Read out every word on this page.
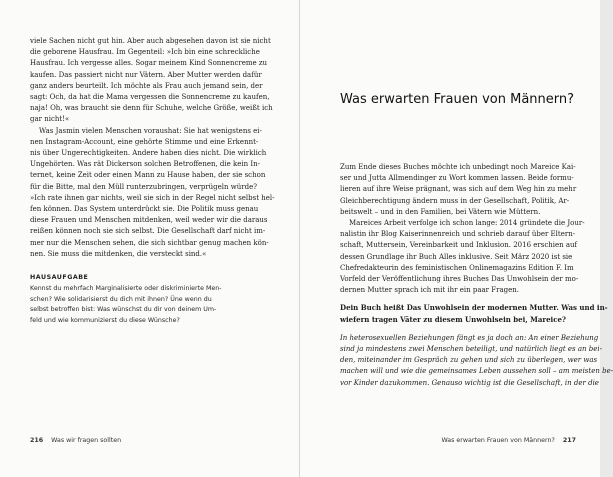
viele Sachen nicht gut hin. Aber auch abgesehen davon ist sie nicht
die geborene Hausfrau. Im Gegenteil: »Ich bin eine schreckliche
Hausfrau. Ich vergesse alles. Sogar meinem Kind Sonnencreme zu
kaufen. Das passiert nicht nur Vätern. Aber Mutter werden dafür
ganz anders beurteilt. Ich möchte als Frau auch jemand sein, der
sagt: Och, da hat die Mama vergessen die Sonnencreme zu kaufen,
naja! Oh, was braucht sie denn für Schuhe, welche Größe, weißt ich
gar nicht!«

Was Jasmin vielen Menschen voraushat: Sie hat wenigstens ei-
nen Instagram-Account, eine gehörte Stimme und eine Erkennt-
nis über Ungerechtigkeiten. Andere haben dies nicht. Die wirklich
Ungehörten. Was rät Dickerson solchen Betroffenen, die kein In-
ternet, keine Zeit oder einen Mann zu Hause haben, der sie schon
für die Bitte, mal den Müll runterzubringen, verprügeln würde?
»Ich rate ihnen gar nichts, weil sie sich in der Regel nicht selbst hel-
fen können. Das System unterdrückt sie. Die Politik muss genau
diese Frauen und Menschen mitdenken, weil weder wir die daraus
reißen können noch sie sich selbst. Die Gesellschaft darf nicht im-
mer nur die Menschen sehen, die sich sichtbar genug machen kön-
nen. Sie muss die mitdenken, die versteckt sind.«

HAUSAUFGABE
Kennst du mehrfach Marginalisierte oder diskriminierte Men-
schen? Wie solidarisierst du dich mit ihnen? Üne wenn du
selbst betroffen bist: Was wünschst du dir von deinem Um-
feld und wie kommunizierst du diese Wünsche?
216 Was wir fragen sollten
Was erwarten Frauen von Männern?

Zum Ende dieses Buches möchte ich unbedingt noch Mareice Kai-
ser und Jutta Allmendinger zu Wort kommen lassen. Beide formu-
lieren auf ihre Weise prägnant, was sich auf dem Weg hin zu mehr
Gleichberechtigung ändern muss in der Gesellschaft, Politik, Ar-
beitswelt – und in den Familien, bei Vätern wie Müttern.

Mareices Arbeit verfolge ich schon lange: 2014 gründete die Jour-
nalistin ihr Blog Kaiserinnenreich und schrieb darauf über Eltern-
schaft, Muttersein, Vereinbarkeit und Inklusion. 2016 erschien auf
dessen Grundlage ihr Buch Alles inklusive. Seit März 2020 ist sie
Chefredakteurin des feministischen Onlinemagazins Edition F. Im
Vorfeld der Veröffentlichung ihres Buches Das Unwohlsein der mo-
dernen Mutter sprach ich mit ihr ein paar Fragen.

Dein Buch heißt Das Unwohlsein der modernen Mutter. Was und in-
wiefern tragen Väter zu diesem Unwohlsein bei, Mareice?
In heterosexuellen Beziehungen fängt es ja doch an: An einer Beziehung
sind ja mindestens zwei Menschen beteiligt, und natürlich liegt es an bei-
den, miteinander im Gespräch zu gehen und sich zu überlegen, wer was
machen will und wie die gemeinsames Leben aussehen soll – am meisten be-
vor Kinder dazukommen. Genauso wichtig ist die Gesellschaft, in der die
Was erwarten Frauen von Männern? 217
